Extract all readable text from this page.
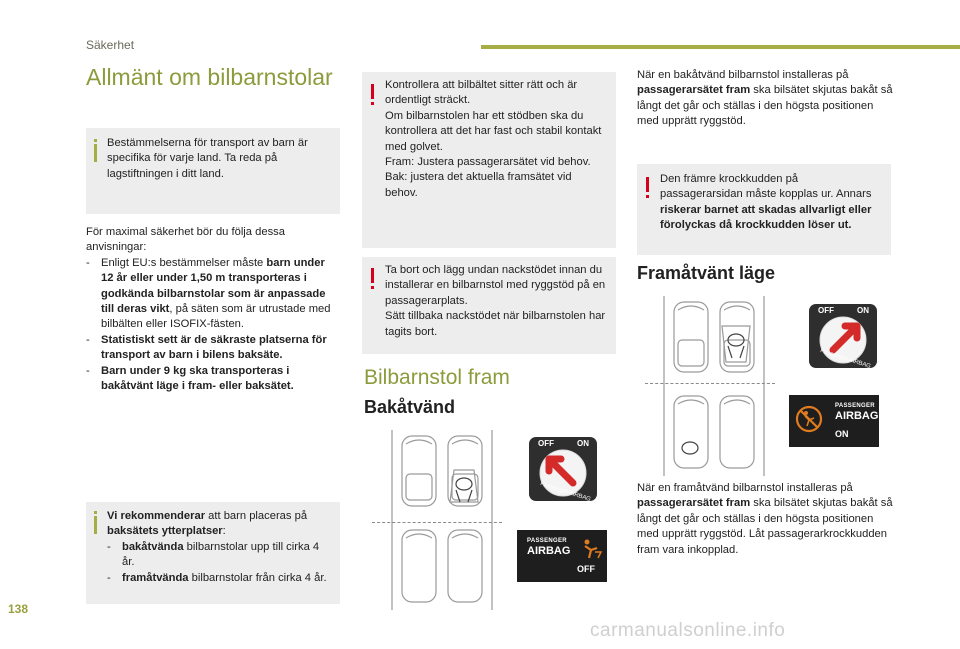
Säkerhet
Allmänt om bilbarnstolar
Bestämmelserna för transport av barn är specifika för varje land. Ta reda på lagstiftningen i ditt land.
För maximal säkerhet bör du följa dessa anvisningar:
- Enligt EU:s bestämmelser måste barn under 12 år eller under 1,50 m transporteras i godkända bilbarnstolar som är anpassade till deras vikt, på säten som är utrustade med bilbälten eller ISOFIX-fästen.
- Statistiskt sett är de säkraste platserna för transport av barn i bilens baksäte.
- Barn under 9 kg ska transporteras i bakåtvänt läge i fram- eller baksätet.
Vi rekommenderar att barn placeras på baksätets ytterplatser:
- bakåtvända bilbarnstolar upp till cirka 4 år.
- framåtvända bilbarnstolar från cirka 4 år.
Kontrollera att bilbältet sitter rätt och är ordentligt sträckt.
Om bilbarnstolen har ett stödben ska du kontrollera att det har fast och stabil kontakt med golvet.
Fram: Justera passagerarsätet vid behov.
Bak: justera det aktuella framsätet vid behov.
Ta bort och lägg undan nackstödet innan du installerar en bilbarnstol med ryggstöd på en passagerarplats.
Sätt tillbaka nackstödet när bilbarnstolen har tagits bort.
Bilbarnstol fram
Bakåtvänd
OFF	ON
Passenger AIRBAG
PASSENGER
AIRBAG
OFF
När en bakåtvänd bilbarnstol installeras på passagerarsätet fram ska bilsätet skjutas bakåt så långt det går och ställas i den högsta positionen med upprätt ryggstöd.
Den främre krockkudden på passagerarsidan måste kopplas ur. Annars riskerar barnet att skadas allvarligt eller förolyckas då krockkudden löser ut.
Framåtvänt läge
OFF	ON
Passenger AIRBAG
PASSENGER
AIRBAG
ON
När en framåtvänd bilbarnstol installeras på passagerarsätet fram ska bilsätet skjutas bakåt så långt det går och ställas i den högsta positionen med upprätt ryggstöd. Låt passagerarkrockkudden fram vara inkopplad.
138
carmanualsonline.info
